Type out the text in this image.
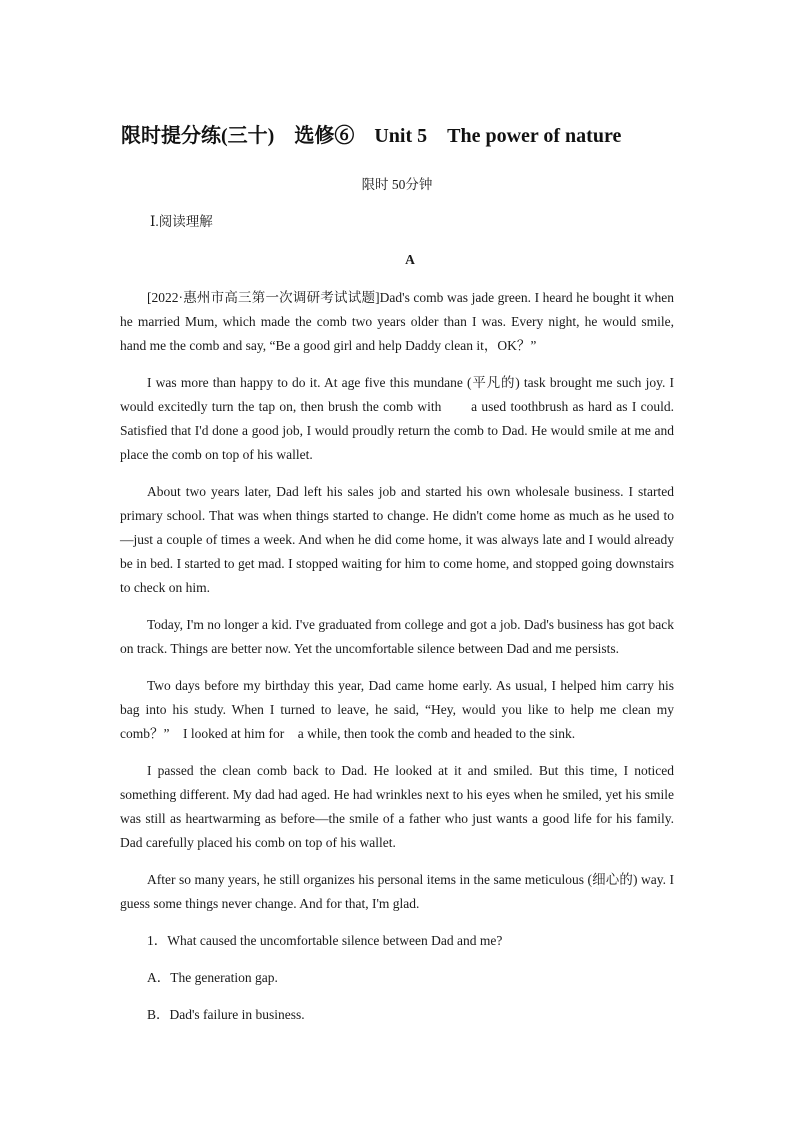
限时提分练(三十)　选修⑥　Unit 5　The power of nature
限时 50分钟
Ⅰ.阅读理解
A

[2022·惠州市高三第一次调研考试试题]Dad's comb was jade green. I heard he bought it when he married Mum, which made the comb two years older than I was. Every night, he would smile, hand me the comb and say, “Be a good girl and help Daddy clean it，OK？”

I was more than happy to do it. At age five this mundane (平凡的) task brought me such joy. I would excitedly turn the tap on, then brush the comb with　　a used toothbrush as hard as I could. Satisfied that I'd done a good job, I would proudly return the comb to Dad. He would smile at me and place the comb on top of his wallet.

About two years later, Dad left his sales job and started his own wholesale business. I started primary school. That was when things started to change. He didn't come home as much as he used to—just a couple of times a week. And when he did come home, it was always late and I would already be in bed. I started to get mad. I stopped waiting for him to come home, and stopped going downstairs to check on him.

Today, I'm no longer a kid. I've graduated from college and got a job. Dad's business has got back on track. Things are better now. Yet the uncomfortable silence between Dad and me persists.

Two days before my birthday this year, Dad came home early. As usual, I helped him carry his bag into his study. When I turned to leave, he said, “Hey, would you like to help me clean my comb？”　I looked at him for　a while, then took the comb and headed to the sink.

I passed the clean comb back to Dad. He looked at it and smiled. But this time, I noticed something different. My dad had aged. He had wrinkles next to his eyes when he smiled, yet his smile was still as heartwarming as before—the smile of a father who just wants a good life for his family. Dad carefully placed his comb on top of his wallet.

After so many years, he still organizes his personal items in the same meticulous (细心的) way. I guess some things never change. And for that, I'm glad.

1．What caused the uncomfortable silence between Dad and me?

A．The generation gap.

B．Dad's failure in business.
